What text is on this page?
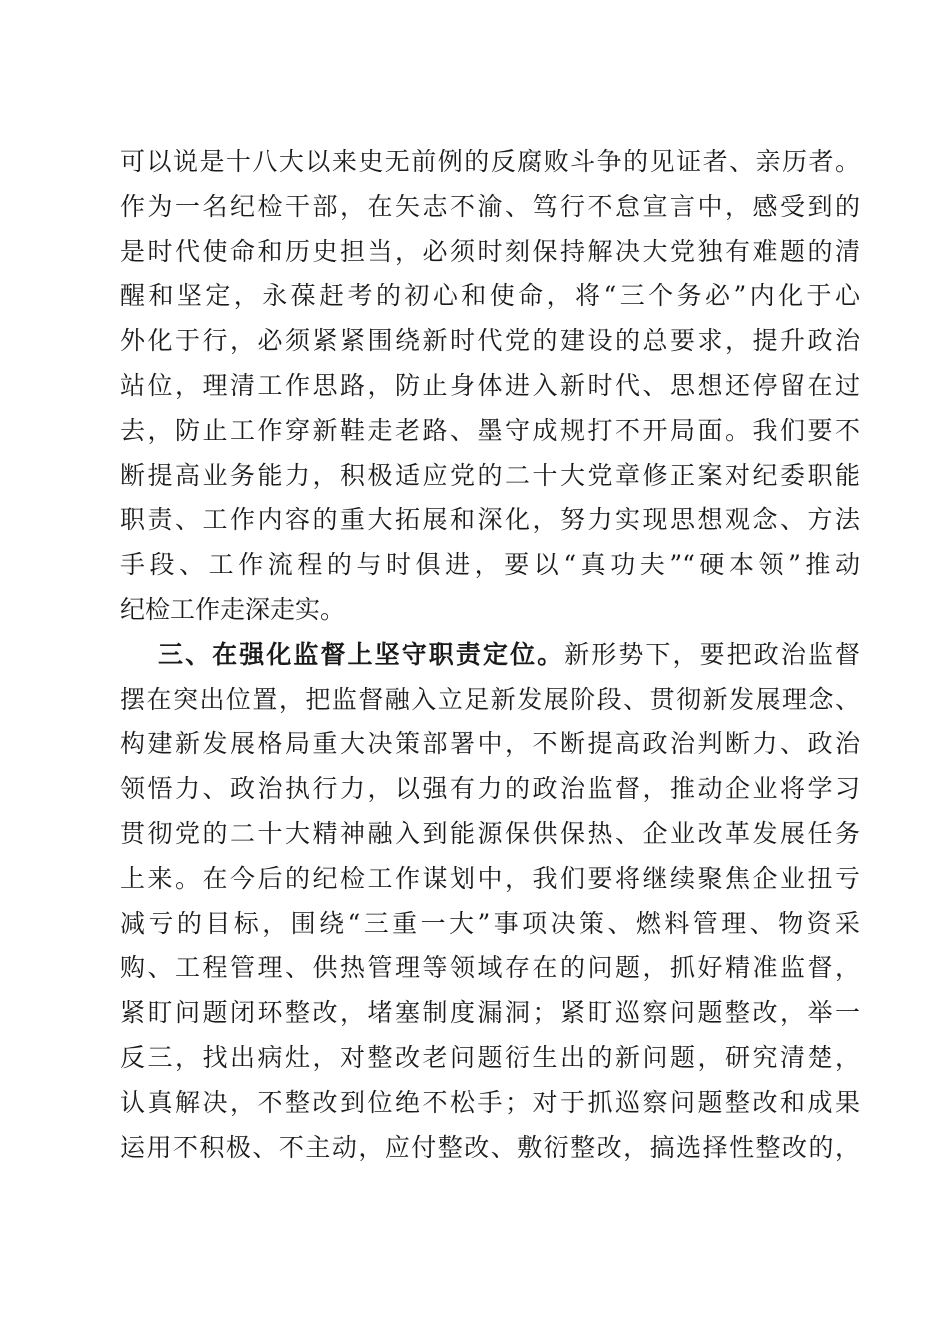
可以说是十八大以来史无前例的反腐败斗争的见证者、亲历者。
作为一名纪检干部，在矢志不渝、笃行不怠宣言中，感受到的
是时代使命和历史担当，必须时刻保持解决大党独有难题的清
醒和坚定，永葆赶考的初心和使命，将“三个务必”内化于心
外化于行，必须紧紧围绕新时代党的建设的总要求，提升政治
站位，理清工作思路，防止身体进入新时代、思想还停留在过
去，防止工作穿新鞋走老路、墨守成规打不开局面。我们要不
断提高业务能力，积极适应党的二十大党章修正案对纪委职能
职责、工作内容的重大拓展和深化，努力实现思想观念、方法
手段、工作流程的与时俱进，要以“真功夫”“硬本领”推动
纪检工作走深走实。
三、在强化监督上坚守职责定位。新形势下，要把政治监督
摆在突出位置，把监督融入立足新发展阶段、贯彻新发展理念、
构建新发展格局重大决策部署中，不断提高政治判断力、政治
领悟力、政治执行力，以强有力的政治监督，推动企业将学习
贯彻党的二十大精神融入到能源保供保热、企业改革发展任务
上来。在今后的纪检工作谋划中，我们要将继续聚焦企业扭亏
减亏的目标，围绕“三重一大”事项决策、燃料管理、物资采
购、工程管理、供热管理等领域存在的问题，抓好精准监督，
紧盯问题闭环整改，堵塞制度漏洞；紧盯巡察问题整改，举一
反三，找出病灶，对整改老问题衍生出的新问题，研究清楚，
认真解决，不整改到位绝不松手；对于抓巡察问题整改和成果
运用不积极、不主动，应付整改、敷衍整改，搞选择性整改的，
